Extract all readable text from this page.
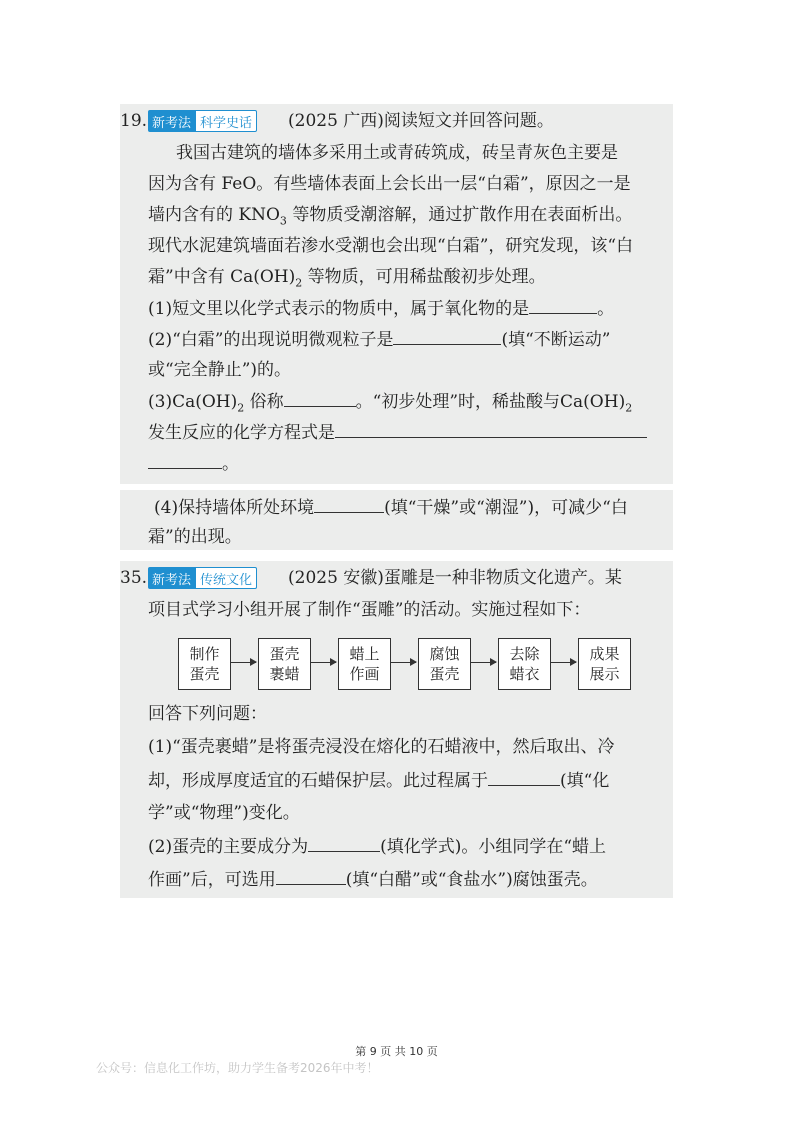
19. 新考法 科学史话 (2025 广西)阅读短文并回答问题。
我国古建筑的墙体多采用土或青砖筑成，砖呈青灰色主要是
因为含有 FeO。有些墙体表面上会长出一层“白霜”，原因之一是
墙内含有的 $KNO_3$ 等物质受潮溶解，通过扩散作用在表面析出。
现代水泥建筑墙面若渗水受潮也会出现“白霜”，研究发现，该“白
霜”中含有 $Ca(OH)_2$ 等物质，可用稀盐酸初步处理。
(1)短文里以化学式表示的物质中，属于氧化物的是	。
(2)“白霜”的出现说明微观粒子是	(填“不断运动”
或“完全静止”)的。
$(3)Ca(OH)_2$ 俗称	。“初步处理”时，稀盐酸与$Ca(OH)_2$
发生反应的化学方程式是
。
(4)保持墙体所处环境	(填“干燥”或“潮湿”)，可减少“白
霜”的出现。
35. 新考法 传统文化 (2025 安徽)蛋雕是一种非物质文化遗产。某
项目式学习小组开展了制作“蛋雕”的活动。实施过程如下：
制作
蛋壳
蛋壳
裹蜡
蜡上
作画
腐蚀
蛋壳
去除
蜡衣
成果
展示
回答下列问题：
(1)“蛋壳裹蜡”是将蛋壳浸没在熔化的石蜡液中，然后取出、冷
却，形成厚度适宜的石蜡保护层。此过程属于	(填“化
学”或“物理”)变化。
(2)蛋壳的主要成分为	(填化学式)。小组同学在“蜡上
作画”后，可选用	(填“白醋”或“食盐水”)腐蚀蛋壳。
第 9 页 共 10 页
公众号：信息化工作坊，助力学生备考2026年中考！
